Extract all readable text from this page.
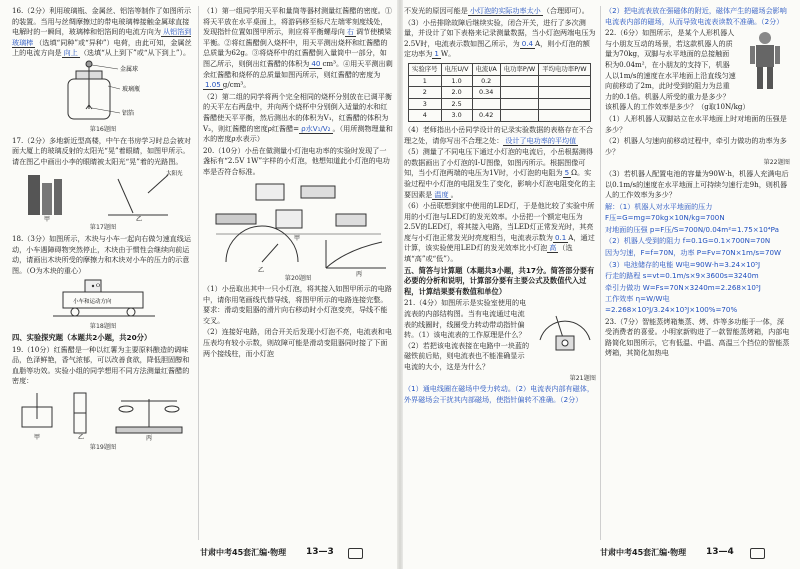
16.（2分）利用玻璃瓶、金属丝、铝箔等制作了如图所示的装置。当用与丝绸摩擦过的带电玻璃棒接触金属球直接电解时的一瞬间，玻璃棒和铝箔间的电流方向为 从铝箔到玻璃棒 （选填“同种”或“异种”）电荷，由此可知，金属丝上的电流方向是 向上 （选填“从上到下”或“从下到上”）。

金属球
玻璃瓶
铝箔
第16题图

17.（2分）多地新近型高楼，中午在书房学习时总会被对面大厦上的玻璃反射的太阳光“晃”着眼睛，如图甲所示。请在图乙中画出小李的眼睛被太阳光“晃”着的光路图。

太阳光
甲	乙
第17题图

18.（3分）如图所示，木块与小车一起向右做匀速直线运动，小车遇障碍物突然停止，木块由于惯性会继续向前运动，请画出木块所受的摩擦力和木块对小车的压力的示意图。（O为木块的重心）

O
小车和运动方向
第18题图

四、实验探究题（本题共2小题，共20分）

19.（10分）红酱醋是一种以红薯为主要原料酿造的调味品，色泽鲜艳，香气浓郁，可以改善食欲，降低胆固醇和血脂等功效。实验小组的同学想用不同方法测量红酱醋的密度：

甲	乙	丙
第19题图

（1）第一组同学用天平和量筒等器材测量红酱醋的密度。①将天平放在水平桌面上，将游码移至标尺左端零刻度线处，发现指针位置如图甲所示，则应将平衡螺母向 右 调节使横梁平衡。②将红酱醋倒入烧杯中，用天平测出烧杯和红酱醋的总质量为62g。③将烧杯中的红酱醋倒入量筒中一部分，如图乙所示，则倒出红酱醋的体积为 40 cm³。④用天平测出剩余红酱醋和烧杯的总质量如图丙所示，则红酱醋的密度为1.05 g/cm³。

（2）第二组的同学将两个完全相同的烧杯分别放在已调平衡的天平左右两盘中，并向两个烧杯中分别倒入适量的水和红酱醋使天平平衡，然后测出水的体积为V₁，红酱醋的体积为V₂，则红酱醋的密度ρ红酱醋= ρ水V₁/V₂ 。（用所测物理量和水的密度ρ水表示）

20.（10分）小岳在做测量小灯泡电功率的实验时发现了一盏标有“2.5V 1W”字样的小灯泡，他想知道此小灯泡的电功率是否符合标准。

甲
乙
丙
第20题图

（1）小岳取出其中一只小灯泡，将其接入如图甲所示的电路中，请你用笔画线代替导线，将图甲所示的电路连接完整。要求：滑动变阻器的滑片向右移动时小灯泡变亮，导线不能交叉。

（2）连接好电路，闭合开关后发现小灯泡不亮，电流表和电压表均有较小示数，则故障可能是滑动变阻器同时接了下面两个接线柱，而小灯泡

不发光的原因可能是 小灯泡的实际功率太小 （合理即可）。

（3）小岳排除故障后继续实验，闭合开关，进行了多次测量，并设计了如下表格来记录测量数据，当小灯泡两端电压为2.5V时，电流表示数如图乙所示，为 0.4 A，则小灯泡的额定功率为 1 W。

实验序号	电压U/V	电流I/A	电功率P/W	平均电功率P/W
1	1.0	0.2		
2	2.0	0.34		
3	2.5			
4	3.0	0.42		

（4）老师指出小岳同学设计的记录实验数据的表格存在不合理之处，请你写出不合理之处： 设计了电功率的平均值

（5）测量了不同电压下通过小灯泡的电流后，小岳根据测得的数据画出了小灯泡的I-U图像，如图丙所示。根据图像可知，当小灯泡两端的电压为1V时，小灯泡的电阻为 5 Ω。实验过程中小灯泡的电阻发生了变化，影响小灯泡电阻变化的主要因素是 温度 。

（6）小岳联想到家中使用的LED灯，于是他比较了实验中所用的小灯泡与LED灯的发光效率。小岳把一个额定电压为2.5V的LED灯，将其接入电路，当LED灯正常发光时，其亮度与小灯泡正常发光时亮度相当，电流表示数为 0.1 A，通过计算，该实验使用LED灯的发光效率比小灯泡 高 （选填“高”或“低”）。

五、简答与计算题（本题共3小题，共17分。简答部分要有必要的分析和说明，计算部分要有主要公式及数值代入过程，计算结果要有数值和单位）

21.（4分）如图所示是实验室使用的电流表的内部结构图。当有电流通过电流表的线圈时，线圈受力转动带动指针偏转。（1）该电流表的工作原理是什么？（2）若把该电流表接在电路中一块蓝的磁铁前后贴，则电流表也不能准确显示电流的大小，这是为什么？

第21题图

（1）通电线圈在磁场中受力转动。（2）电流表内部有磁体，外界磁场会干扰其内部磁场，使指针偏转不准确。（2分）

（2）把电流表放在强磁体的附近，磁体产生的磁场会影响电流表内部的磁场，从而导致电流表读数不准确。（2分）

22.（6分）如图所示，是某个人形机器人与小朋友互动的场景，若这款机器人的质量为70kg，双脚与水平地面的总接触面积为0.04m²，在小朋友的支持下，机器人以1m/s的速度在水平地面上沿直线匀速向前移动了2m，此时受到的阻力为总重力的0.1倍。机器人所受的重力是多少？该机器人的工作效率是多少？（g取10N/kg）

（1）人形机器人双脚站立在水平地面上时对地面的压强是多少？

（2）机器人匀速向前移动过程中，牵引力做功的功率为多少？

第22题图

（3）若机器人配置电池的容量为90W·h，机器人充满电后以0.1m/s的速度在水平地面上可持续匀速行走9h，则机器人的工作效率为多少？

解：（1）机器人对水平地面的压力

F压=G=mg=70kg×10N/kg=700N

对地面的压强 p=F压/S=700N/0.04m²=1.75×10⁴Pa

（2）机器人受到的阻力 f=0.1G=0.1×700N=70N

因为匀速，F=f=70N，功率 P=Fv=70N×1m/s=70W

（3）电池储存的电能 W电=90W·h=3.24×10⁵J

行走的路程 s=vt=0.1m/s×9×3600s=3240m

牵引力做功 W=Fs=70N×3240m=2.268×10⁵J

工作效率 η=W/W电=2.268×10⁵J/3.24×10⁵J×100%=70%

23.（7分）智能蒸烤箱集蒸、烤、炸等多功能于一体，深受消费者的喜爱。小明家新购进了一款智能蒸烤箱，内部电路简化如图所示，它有低温、中温、高温三个挡位的智能蒸烤箱，其简化加热电

甘肃中考45套汇编·物理 13—3	甘肃中考45套汇编·物理 13—4
